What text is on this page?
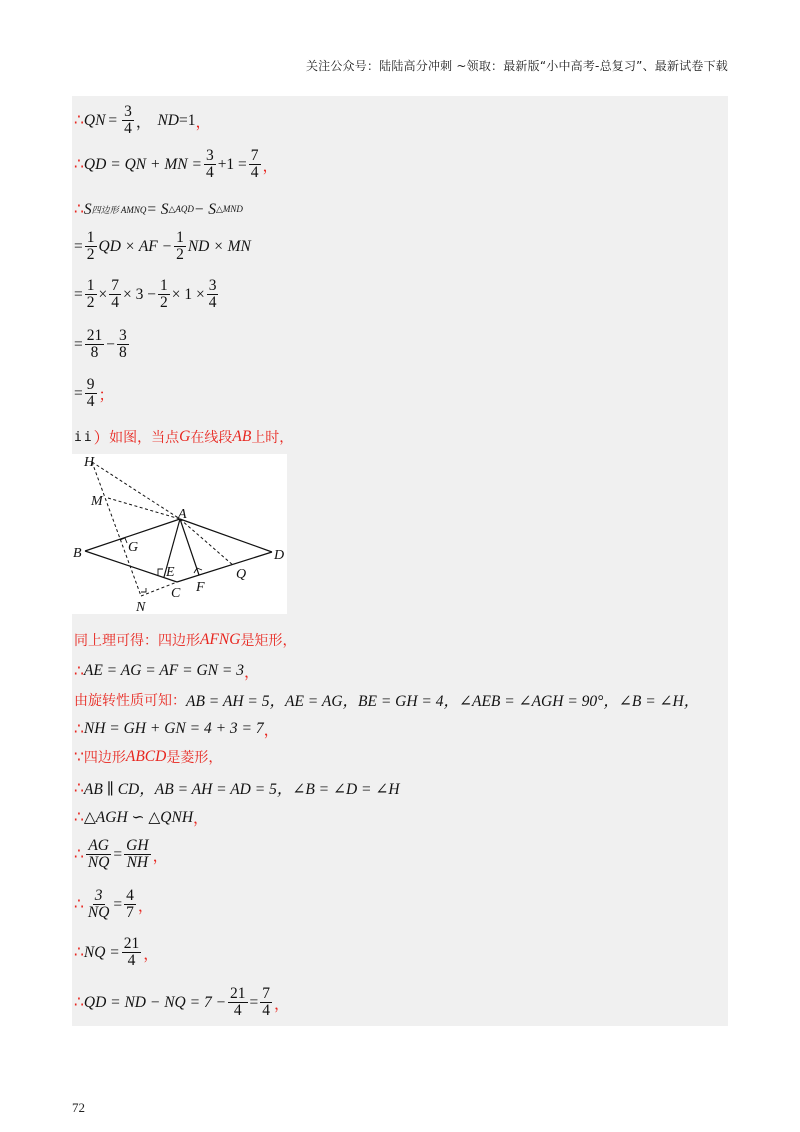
关注公众号：陆陆高分冲刺 ~领取：最新版“小中高考-总复习”、最新试卷下载
∴ QN = $\frac{3}{4}$ ， ND =1 ，
∴ QD = QN + MN = $\frac{3}{4} +1 = \frac{7}{4}$ ，
∴ S 四边形 AMNQ = S △AQD − S △MND
= $\frac{1}{2}$ QD × AF − $\frac{1}{2}$ ND × MN
= $\frac{1}{2} \times \frac{7}{4} \times 3 - \frac{1}{2} \times 1 \times \frac{3}{4}$
= $\frac{21}{8} - \frac{3}{8}$
= $\frac{9}{4}$ ；
ii ） 如图，当点 G 在线段 AB 上时，
H
M
A
B	G
D
E	Q
C F
N
同上理可得：四边形 AFNG 是矩形，
∴ AE = AG = AF = GN = 3 ，
由旋转性质可知： AB = AH = 5，AE = AG，BE = GH = 4，∠AEB = ∠AGH = 90°，∠B = ∠H，
∴ NH = GH + GN = 4 + 3 = 7 ，
∵ 四边形 ABCD 是菱形，
∴ AB ∥ CD，AB = AH = AD = 5，∠B = ∠D = ∠H
∴ △AGH ∽ △QNH ，
∴ $\frac{AG}{NQ} = \frac{GH}{NH}$ ，
∴ $\frac{3}{NQ} = \frac{4}{7}$ ，
∴ NQ = $\frac{21}{4}$ ，
∴ QD = ND − NQ = $7 - \frac{21}{4} = \frac{7}{4}$ ，
72
